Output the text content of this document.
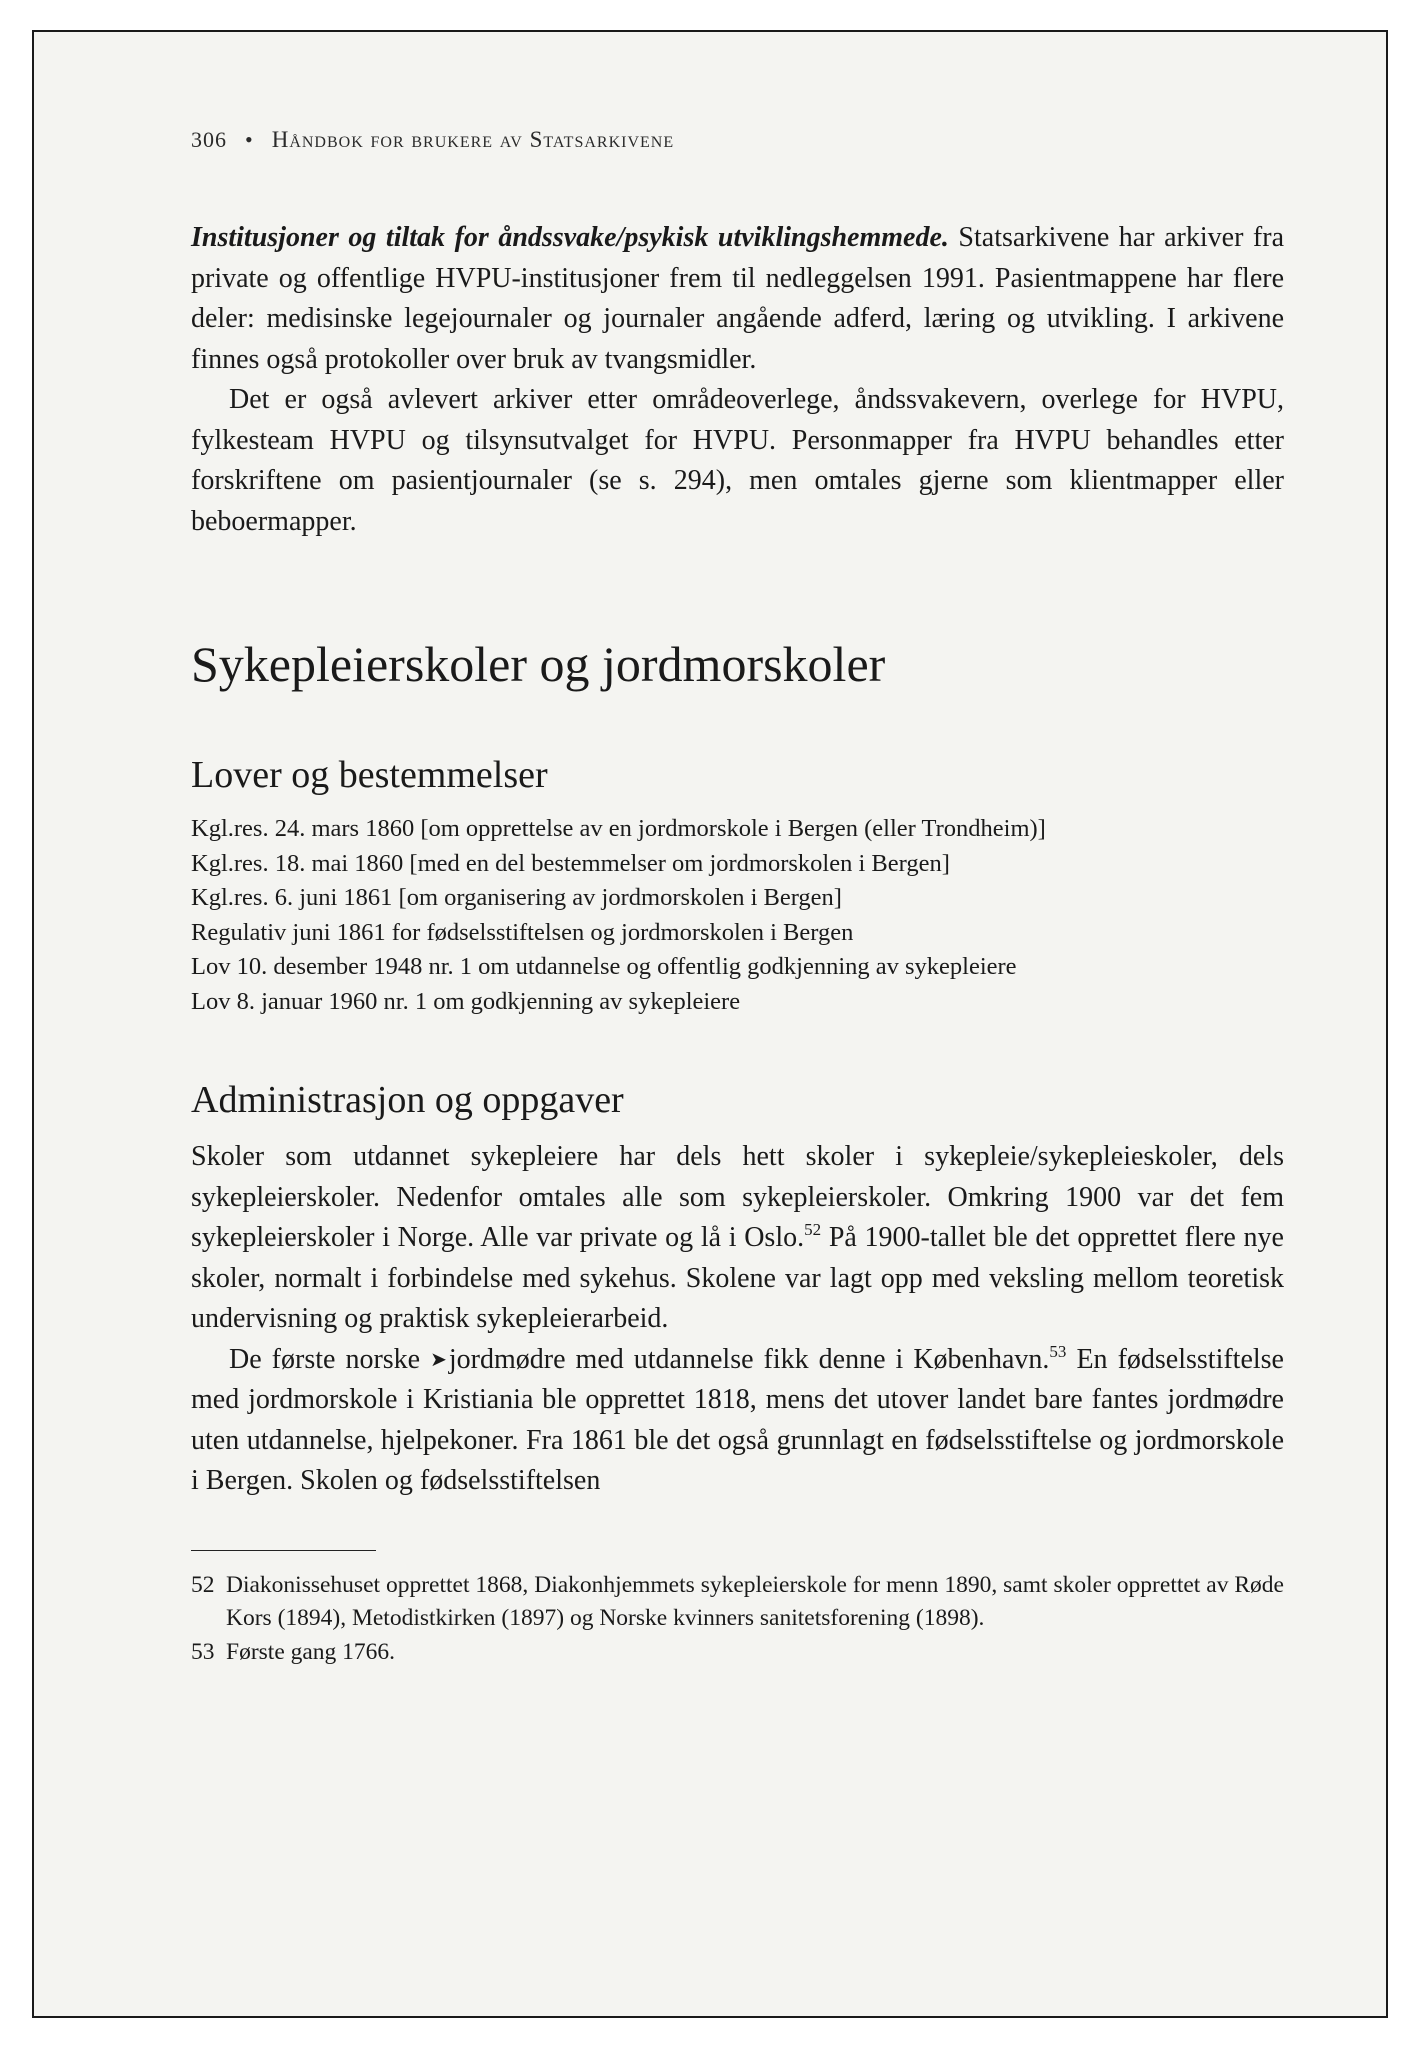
306 • Håndbok for brukere av Statsarkivene

Institusjoner og tiltak for åndssvake/psykisk utviklingshemmede. Statsarkivene har arkiver fra private og offentlige HVPU-institusjoner frem til nedleggelsen 1991. Pasientmappene har flere deler: medisinske legejournaler og journaler angående adferd, læring og utvikling. I arkivene finnes også protokoller over bruk av tvangsmidler.

Det er også avlevert arkiver etter områdeoverlege, åndssvakevern, overlege for HVPU, fylkesteam HVPU og tilsynsutvalget for HVPU. Personmapper fra HVPU behandles etter forskriftene om pasientjournaler (se s. 294), men omtales gjerne som klientmapper eller beboermapper.

Sykepleierskoler og jordmorskoler
Lover og bestemmelser
Kgl.res. 24. mars 1860 [om opprettelse av en jordmorskole i Bergen (eller Trondheim)]
Kgl.res. 18. mai 1860 [med en del bestemmelser om jordmorskolen i Bergen]
Kgl.res. 6. juni 1861 [om organisering av jordmorskolen i Bergen]
Regulativ juni 1861 for fødselsstiftelsen og jordmorskolen i Bergen
Lov 10. desember 1948 nr. 1 om utdannelse og offentlig godkjenning av sykepleiere
Lov 8. januar 1960 nr. 1 om godkjenning av sykepleiere
Administrasjon og oppgaver

Skoler som utdannet sykepleiere har dels hett skoler i sykepleie/sykepleieskoler, dels sykepleierskoler. Nedenfor omtales alle som sykepleierskoler. Omkring 1900 var det fem sykepleierskoler i Norge. Alle var private og lå i Oslo.$^{52}$ På 1900-tallet ble det opprettet flere nye skoler, normalt i forbindelse med sykehus. Skolene var lagt opp med veksling mellom teoretisk undervisning og praktisk sykepleierarbeid.

De første norske ➤jordmødre med utdannelse fikk denne i København.$^{53}$ En fødselsstiftelse med jordmorskole i Kristiania ble opprettet 1818, mens det utover landet bare fantes jordmødre uten utdannelse, hjelpekoner. Fra 1861 ble det også grunnlagt en fødselsstiftelse og jordmorskole i Bergen. Skolen og fødselsstiftelsen

52 Diakonissehuset opprettet 1868, Diakonhjemmets sykepleierskole for menn 1890, samt skoler opprettet av Røde Kors (1894), Metodistkirken (1897) og Norske kvinners sanitetsforening (1898).
53 Første gang 1766.
